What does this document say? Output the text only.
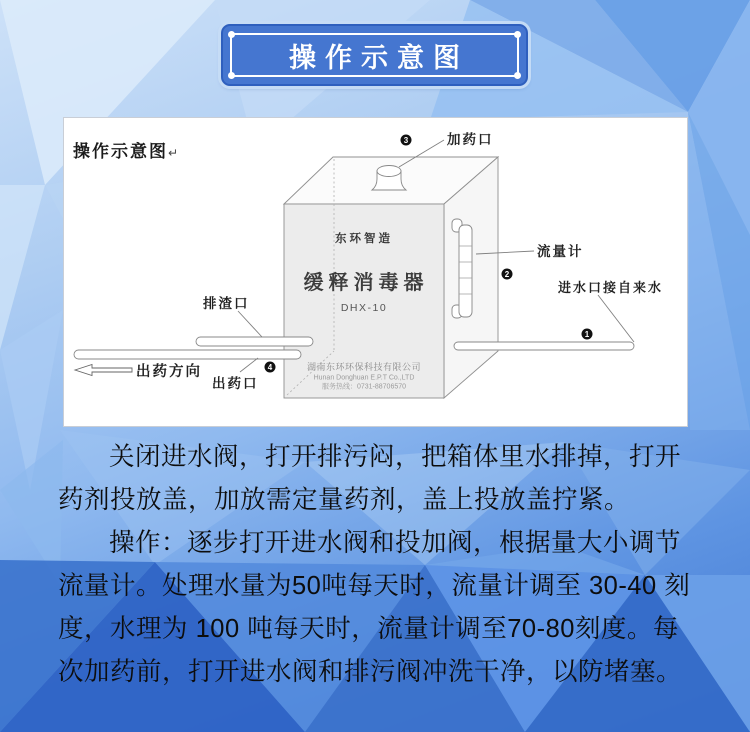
操作示意图
操作示意图↵
东环智造
缓释消毒器
DHX-10
湖南东环环保科技有限公司
Hunan Donghuan E.P.T Co.,LTD
服务热线：0731-88706570
加药口
流量计
进水口接自来水
排渣口
出药方向
出药口
3
2
1
4

关闭进水阀，打开排污闷，把箱体里水排掉，打开药剂投放盖，加放需定量药剂，盖上投放盖拧紧。

操作：逐步打开进水阀和投加阀，根据量大小调节流量计。处理水量为50吨每天时，流量计调至 30-40 刻度，水理为 100 吨每天时，流量计调至70-80刻度。每次加药前，打开进水阀和排污阀冲洗干净，以防堵塞。
